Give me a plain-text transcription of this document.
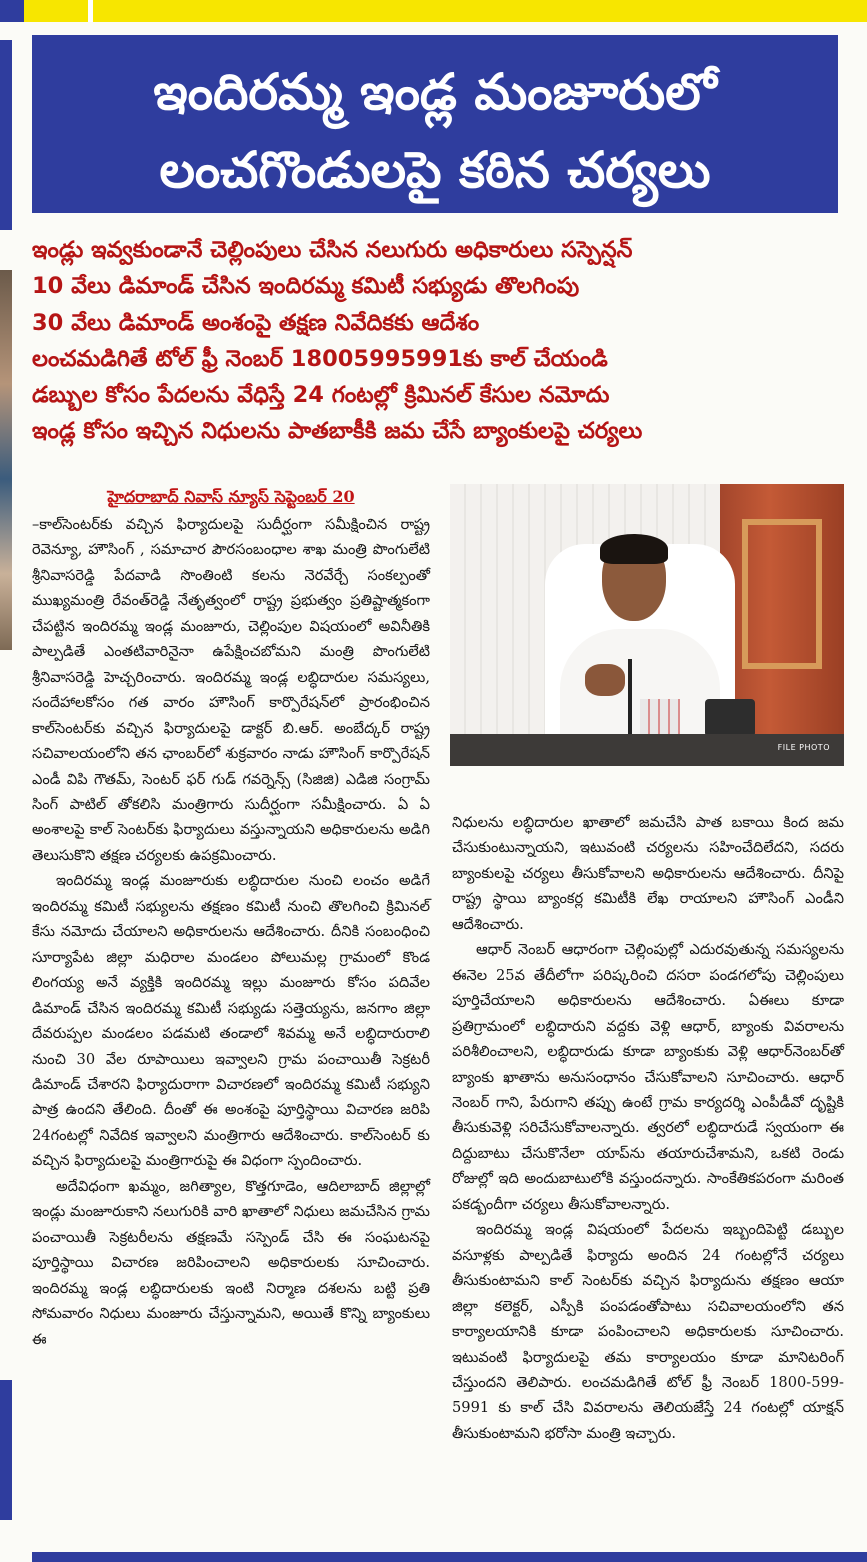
ఇందిరమ్మ ఇండ్ల మంజూరులో
లంచగొండులపై కఠిన చర్యలు
ఇండ్లు ఇవ్వకుండానే చెల్లింపులు చేసిన నలుగురు అధికారులు సస్పెన్షన్
10 వేలు డిమాండ్ చేసిన ఇందిరమ్మ కమిటీ సభ్యుడు తొలగింపు
30 వేలు డిమాండ్ అంశంపై తక్షణ నివేదికకు ఆదేశం
లంచమడిగితే టోల్ ఫ్రీ నెంబర్ 18005995991కు కాల్ చేయండి
డబ్బుల కోసం పేదలను వేధిస్తే 24 గంటల్లో క్రిమినల్ కేసుల నమోదు
ఇండ్ల కోసం ఇచ్చిన నిధులను పాతబాకీకి జమ చేసే బ్యాంకులపై చర్యలు
హైదరాబాద్ నివాస్ న్యూస్ సెప్టెంబర్ 20

–కాల్‌సెంటర్‌కు వచ్చిన ఫిర్యాదులపై సుదీర్ఘంగా సమీక్షించిన రాష్ట్ర రెవెన్యూ, హౌసింగ్ , సమాచార పౌరసంబంధాల శాఖ మంత్రి పొంగులేటి శ్రీనివాసరెడ్డి పేదవాడి సొంతింటి కలను నెరవేర్చే సంకల్పంతో ముఖ్యమంత్రి రేవంత్‌రెడ్డి నేతృత్వంలో రాష్ట్ర ప్రభుత్వం ప్రతిష్టాత్మకంగా చేపట్టిన ఇందిరమ్మ ఇండ్ల మంజూరు, చెల్లింపుల విషయంలో అవినీతికి పాల్పడితే ఎంతటివారినైనా ఉపేక్షించబోమని మంత్రి పొంగులేటి శ్రీనివాసరెడ్డి హెచ్చరించారు. ఇందిరమ్మ ఇండ్ల లబ్ధిదారుల సమస్యలు, సందేహాలకోసం గత వారం హౌసింగ్ కార్పొరేషన్‌లో ప్రారంభించిన కాల్‌సెంటర్‌కు వచ్చిన ఫిర్యాదులపై డాక్టర్ బి.ఆర్. అంబేద్కర్ రాష్ట్ర సచివాలయంలోని తన ఛాంబర్‌లో శుక్రవారం నాడు హౌసింగ్ కార్పొరేషన్ ఎండీ విపి గౌతమ్, సెంటర్ ఫర్ గుడ్ గవర్నెన్స్ (సిజిజి) ఎడిజి సంగ్రామ్ సింగ్ పాటిల్ తోకలిసి మంత్రిగారు సుదీర్ఘంగా సమీక్షించారు. ఏ ఏ అంశాలపై కాల్ సెంటర్‌కు ఫిర్యాదులు వస్తున్నాయని అధికారులను అడిగి తెలుసుకొని తక్షణ చర్యలకు ఉపక్రమించారు.

ఇందిరమ్మ ఇండ్ల మంజూరుకు లబ్ధిదారుల నుంచి లంచం అడిగే ఇందిరమ్మ కమిటీ సభ్యులను తక్షణం కమిటీ నుంచి తొలగించి క్రిమినల్ కేసు నమోదు చేయాలని అధికారులను ఆదేశించారు. దీనికి సంబంధించి సూర్యాపేట జిల్లా మధిరాల మండలం పోలుమల్ల గ్రామంలో కొండ లింగయ్య అనే వ్యక్తికి ఇందిరమ్మ ఇల్లు మంజూరు కోసం పదివేల డిమాండ్ చేసిన ఇందిరమ్మ కమిటీ సభ్యుడు సత్తెయ్యను, జనగాం జిల్లా దేవరుప్పల మండలం పడమటి తండాలో శివమ్మ అనే లబ్ధిదారురాలి నుంచి 30 వేల రూపాయిలు ఇవ్వాలని గ్రామ పంచాయితీ సెక్రటరీ డిమాండ్ చేశారని ఫిర్యాదురాగా విచారణలో ఇందిరమ్మ కమిటీ సభ్యుని పాత్ర ఉందని తేలింది. దీంతో ఈ అంశంపై పూర్తిస్థాయి విచారణ జరిపి 24గంటల్లో నివేదిక ఇవ్వాలని మంత్రిగారు ఆదేశించారు. కాల్‌సెంటర్ కు వచ్చిన ఫిర్యాదులపై మంత్రిగారుపై ఈ విధంగా స్పందించారు.

అదేవిధంగా ఖమ్మం, జగిత్యాల, కొత్తగూడెం, ఆదిలాబాద్ జిల్లాల్లో ఇండ్లు మంజూరుకాని నలుగురికి వారి ఖాతాలో నిధులు జమచేసిన గ్రామ పంచాయితీ సెక్రటరీలను తక్షణమే సస్పెండ్ చేసి ఈ సంఘటనపై పూర్తిస్థాయి విచారణ జరిపించాలని అధికారులకు సూచించారు. ఇందిరమ్మ ఇండ్ల లబ్ధిదారులకు ఇంటి నిర్మాణ దశలను బట్టి ప్రతి సోమవారం నిధులు మంజూరు చేస్తున్నామని, అయితే కొన్ని బ్యాంకులు ఈ

FILE PHOTO

నిధులను లబ్ధిదారుల ఖాతాలో జమచేసి పాత బకాయి కింద జమ చేసుకుంటున్నాయని, ఇటువంటి చర్యలను సహించేదిలేదని, సదరు బ్యాంకులపై చర్యలు తీసుకోవాలని అధికారులను ఆదేశించారు. దీనిపై రాష్ట్ర స్థాయి బ్యాంకర్ల కమిటీకి లేఖ రాయాలని హౌసింగ్ ఎండీని ఆదేశించారు.

ఆధార్ నెంబర్ ఆధారంగా చెల్లింపుల్లో ఎదురవుతున్న సమస్యలను ఈనెల 25వ తేదీలోగా పరిష్కరించి దసరా పండగలోపు చెల్లింపులు పూర్తిచేయాలని అధికారులను ఆదేశించారు. ఏఈలు కూడా ప్రతిగ్రామంలో లబ్ధిదారుని వద్దకు వెళ్లి ఆధార్, బ్యాంకు వివరాలను పరిశీలించాలని, లబ్ధిదారుడు కూడా బ్యాంకుకు వెళ్లి ఆధార్‌నెంబర్‌తో బ్యాంకు ఖాతాను అనుసంధానం చేసుకోవాలని సూచించారు. ఆధార్ నెంబర్ గాని, పేరుగాని తప్పు ఉంటే గ్రామ కార్యదర్శి ఎంపీడీవో దృష్టికి తీసుకువెళ్లి సరిచేసుకోవాలన్నారు. త్వరలో లబ్ధిదారుడే స్వయంగా ఈ దిద్దుబాటు చేసుకొనేలా యాప్‌ను తయారుచేశామని, ఒకటి రెండు రోజుల్లో ఇది అందుబాటులోకి వస్తుందన్నారు. సాంకేతికపరంగా మరింత పకడ్బందీగా చర్యలు తీసుకోవాలన్నారు.

ఇందిరమ్మ ఇండ్ల విషయంలో పేదలను ఇబ్బందిపెట్టి డబ్బుల వసూళ్లకు పాల్పడితే ఫిర్యాదు అందిన 24 గంటల్లోనే చర్యలు తీసుకుంటామని కాల్ సెంటర్‌కు వచ్చిన ఫిర్యాదును తక్షణం ఆయా జిల్లా కలెక్టర్, ఎస్పీకి పంపడంతోపాటు సచివాలయంలోని తన కార్యాలయానికి కూడా పంపించాలని అధికారులకు సూచించారు. ఇటువంటి ఫిర్యాదులపై తమ కార్యాలయం కూడా మానిటరింగ్ చేస్తుందని తెలిపారు. లంచమడిగితే టోల్ ఫ్రీ నెంబర్ 1800-599-5991 కు కాల్ చేసి వివరాలను తెలియజేస్తే 24 గంటల్లో యాక్షన్ తీసుకుంటామని భరోసా మంత్రి ఇచ్చారు.
